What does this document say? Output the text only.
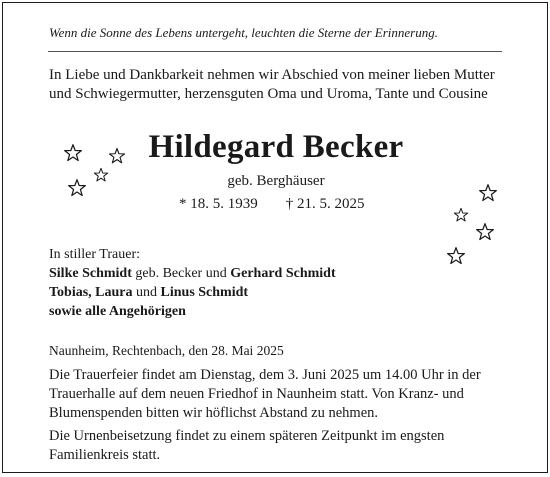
Wenn die Sonne des Lebens untergeht, leuchten die Sterne der Erinnerung.
In Liebe und Dankbarkeit nehmen wir Abschied von meiner lieben Mutter
und Schwiegermutter, herzensguten Oma und Uroma, Tante und Cousine
Hildegard Becker
geb. Berghäuser
* 18. 5. 1939 † 21. 5. 2025
In stiller Trauer:
Silke Schmidt geb. Becker und Gerhard Schmidt
Tobias, Laura und Linus Schmidt
sowie alle Angehörigen
Naunheim, Rechtenbach, den 28. Mai 2025
Die Trauerfeier findet am Dienstag, dem 3. Juni 2025 um 14.00 Uhr in der
Trauerhalle auf dem neuen Friedhof in Naunheim statt. Von Kranz- und
Blumenspenden bitten wir höflichst Abstand zu nehmen.
Die Urnenbeisetzung findet zu einem späteren Zeitpunkt im engsten
Familienkreis statt.
